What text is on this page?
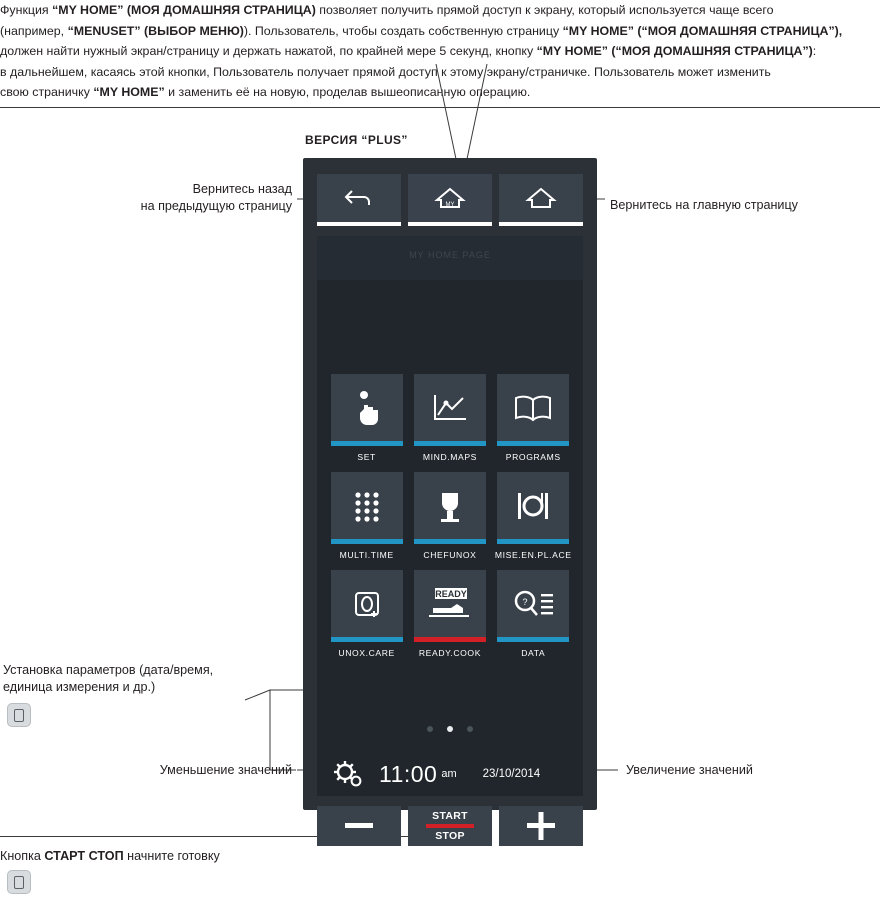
Функция “MY HOME” (МОЯ ДОМАШНЯЯ СТРАНИЦА) позволяет получить прямой доступ к экрану, который используется чаще всего

(например, “MENUSET” (ВЫБОР МЕНЮ)). Пользователь, чтобы создать собственную страницу “MY HOME” (“МОЯ ДОМАШНЯЯ СТРАНИЦА”),

должен найти нужный экран/страницу и держать нажатой, по крайней мере 5 секунд, кнопку “MY HOME” (“МОЯ ДОМАШНЯЯ СТРАНИЦА”):

в дальнейшем, касаясь этой кнопки, Пользователь получает прямой доступ к этому экрану/страничке. Пользователь может изменить

свою страничку “MY HOME” и заменить её на новую, проделав вышеописанную операцию.

Вернитесь назад
на предыдущую страницу	Вернитесь на главную страницу
Установка параметров (дата/время,
единица измерения и др.)
Уменьшение значений	Увеличение значений
Кнопка СТАРТ СТОП начните готовку
ВЕРСИЯ “PLUS”
MY
MY HOME PAGE
SET	MIND.MAPS	PROGRAMS
MULTI.TIME	CHEFUNOX MISE.EN.PL.ACE
UNOX.CARE
READY
READY.COOK
?
DATA
11:00 am 23/10/2014
START
STOP
